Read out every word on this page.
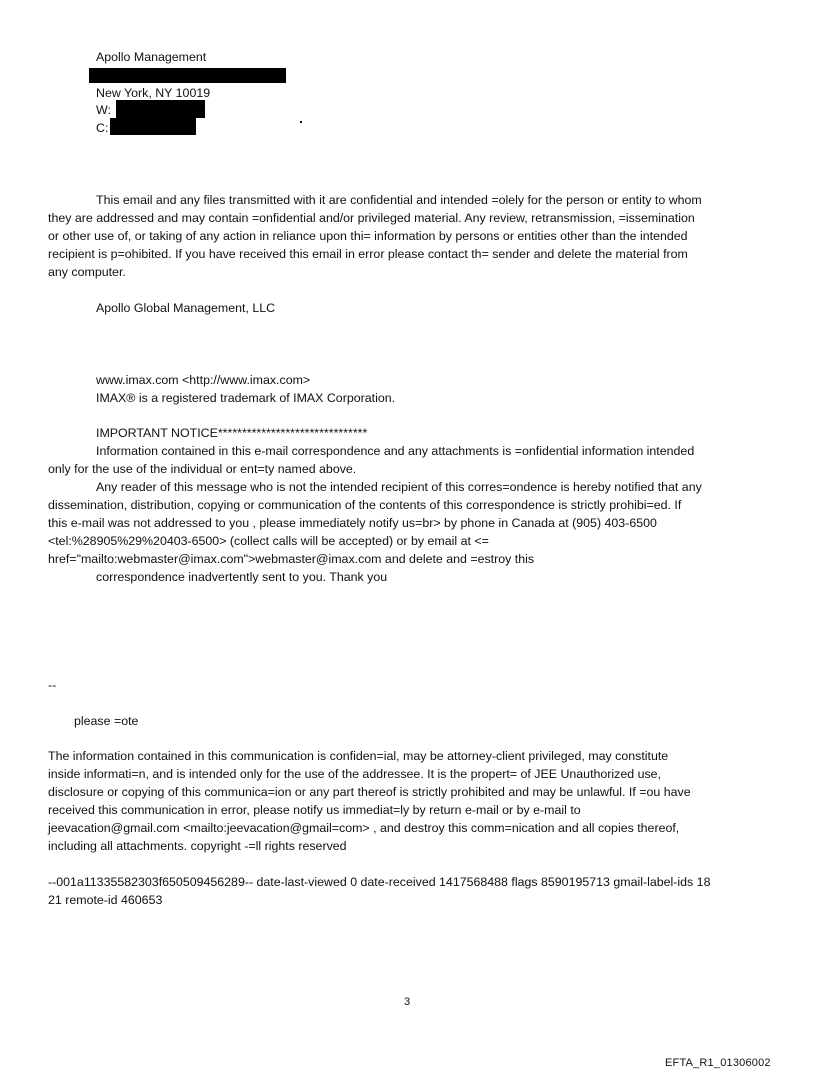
Apollo Management
New York, NY 10019
W:
C:
This email and any files transmitted with it are confidential and intended =olely for the person or entity to whom
they are addressed and may contain =onfidential and/or privileged material. Any review, retransmission, =issemination
or other use of, or taking of any action in reliance upon thi= information by persons or entities other than the intended
recipient is p=ohibited. If you have received this email in error please contact th= sender and delete the material from
any computer.
Apollo Global Management, LLC
www.imax.com <http://www.imax.com>
IMAX® is a registered trademark of IMAX Corporation.
IMPORTANT NOTICE*******************************
Information contained in this e-mail correspondence and any attachments is =onfidential information intended
only for the use of the individual or ent=ty named above.
Any reader of this message who is not the intended recipient of this corres=ondence is hereby notified that any
dissemination, distribution, copying or communication of the contents of this correspondence is strictly prohibi=ed. If
this e-mail was not addressed to you , please immediately notify us=br> by phone in Canada at (905) 403-6500
<tel:%28905%29%20403-6500> (collect calls will be accepted) or by email at <=
href="mailto:webmaster@imax.com">webmaster@imax.com and delete and =estroy this
correspondence inadvertently sent to you. Thank you
--
please =ote
The information contained in this communication is confiden=ial, may be attorney-client privileged, may constitute
inside informati=n, and is intended only for the use of the addressee. It is the propert= of JEE Unauthorized use,
disclosure or copying of this communica=ion or any part thereof is strictly prohibited and may be unlawful. If =ou have
received this communication in error, please notify us immediat=ly by return e-mail or by e-mail to
jeevacation@gmail.com <mailto:jeevacation@gmail=com> , and destroy this comm=nication and all copies thereof,
including all attachments. copyright -=ll rights reserved
--001a11335582303f650509456289-- date-last-viewed 0 date-received 1417568488 flags 8590195713 gmail-label-ids 18
21 remote-id 460653
3
EFTA_R1_01306002
